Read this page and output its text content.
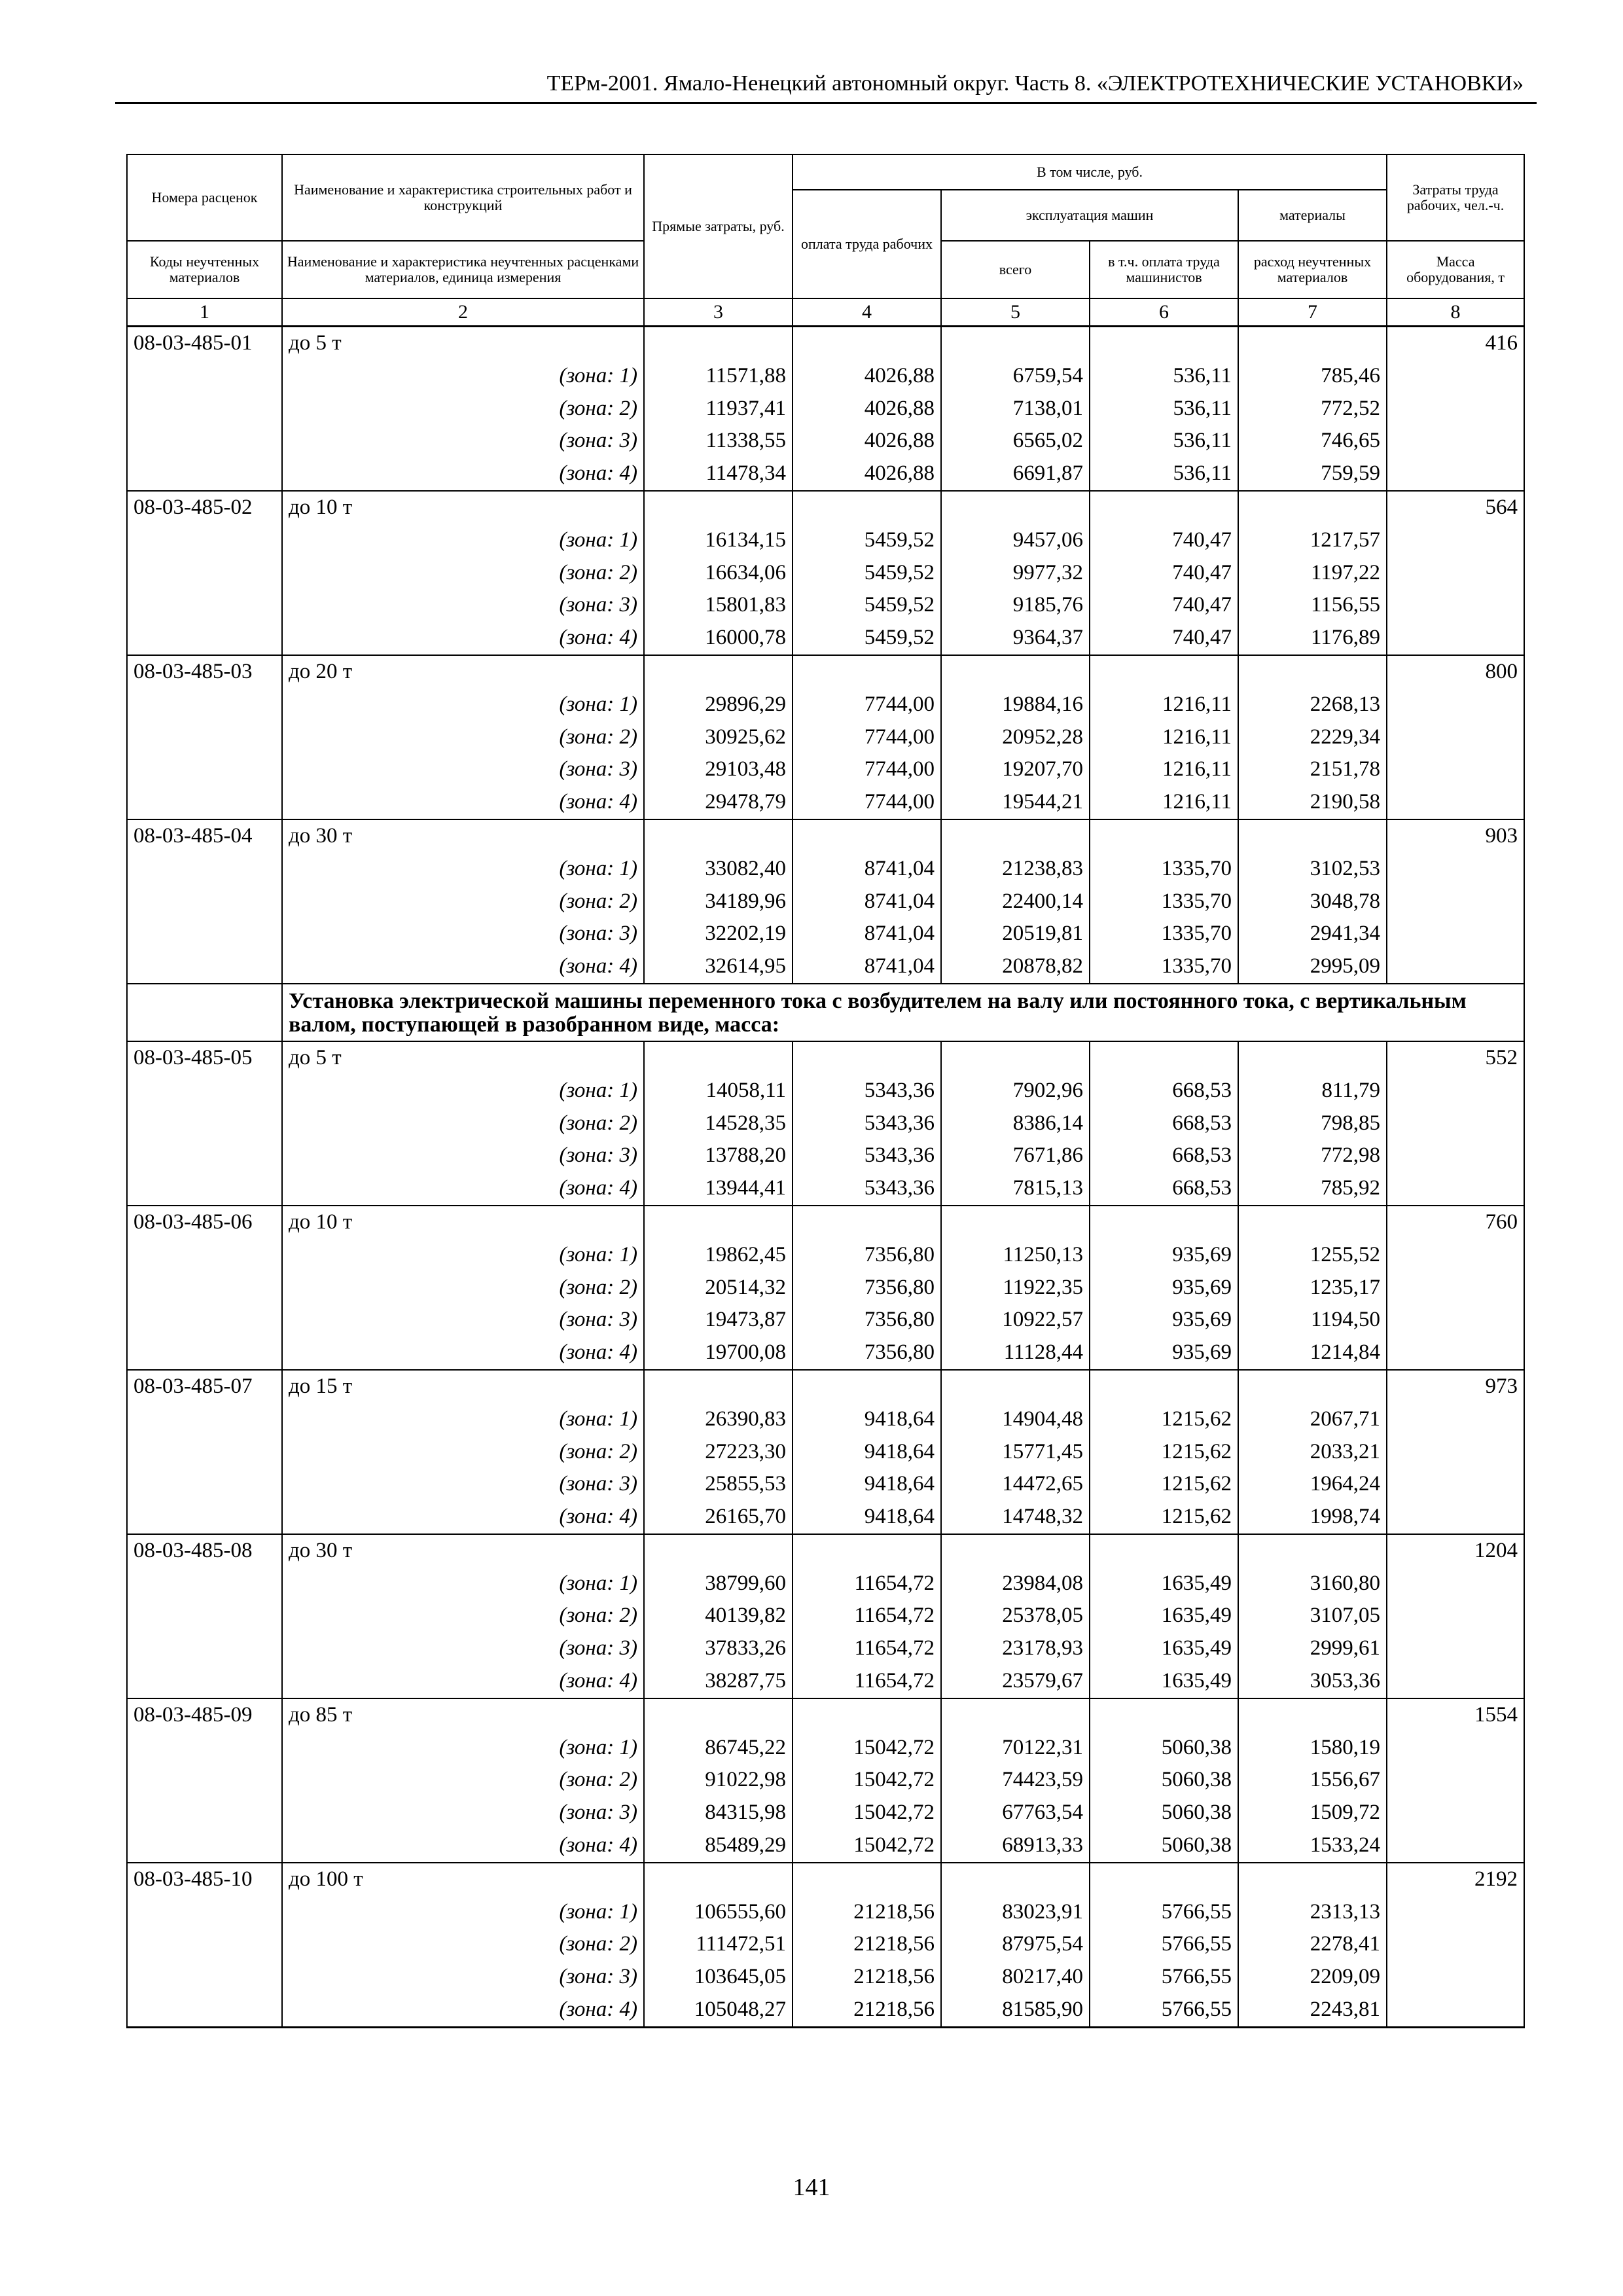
ТЕРм-2001. Ямало-Ненецкий автономный округ. Часть 8. «ЭЛЕКТРОТЕХНИЧЕСКИЕ УСТАНОВКИ»
Номера расценок	Наименование и характеристика строительных работ и конструкций	Прямые затраты, руб.	В том числе, руб.				Затраты труда рабочих, чел.-ч.
			оплата труда рабочих	эксплуатация машин		материалы	
Коды неучтенных материалов	Наименование и характеристика неучтенных расценками материалов, единица измерения			всего	в т.ч. оплата труда машинистов	расход неучтенных материалов	Масса оборудования, т
1	2	3	4	5	6	7	8
08-03-485-01	до 5 т						416
	(зона: 1)	11571,88	4026,88	6759,54	536,11	785,46	
	(зона: 2)	11937,41	4026,88	7138,01	536,11	772,52	
	(зона: 3)	11338,55	4026,88	6565,02	536,11	746,65	
	(зона: 4)	11478,34	4026,88	6691,87	536,11	759,59	
08-03-485-02	до 10 т						564
	(зона: 1)	16134,15	5459,52	9457,06	740,47	1217,57	
	(зона: 2)	16634,06	5459,52	9977,32	740,47	1197,22	
	(зона: 3)	15801,83	5459,52	9185,76	740,47	1156,55	
	(зона: 4)	16000,78	5459,52	9364,37	740,47	1176,89	
08-03-485-03	до 20 т						800
	(зона: 1)	29896,29	7744,00	19884,16	1216,11	2268,13	
	(зона: 2)	30925,62	7744,00	20952,28	1216,11	2229,34	
	(зона: 3)	29103,48	7744,00	19207,70	1216,11	2151,78	
	(зона: 4)	29478,79	7744,00	19544,21	1216,11	2190,58	
08-03-485-04	до 30 т						903
	(зона: 1)	33082,40	8741,04	21238,83	1335,70	3102,53	
	(зона: 2)	34189,96	8741,04	22400,14	1335,70	3048,78	
	(зона: 3)	32202,19	8741,04	20519,81	1335,70	2941,34	
	(зона: 4)	32614,95	8741,04	20878,82	1335,70	2995,09	
	Установка электрической машины переменного тока с возбудителем на валу или постоянного тока, с вертикальным валом, поступающей в разобранном виде, масса:						
08-03-485-05	до 5 т						552
	(зона: 1)	14058,11	5343,36	7902,96	668,53	811,79	
	(зона: 2)	14528,35	5343,36	8386,14	668,53	798,85	
	(зона: 3)	13788,20	5343,36	7671,86	668,53	772,98	
	(зона: 4)	13944,41	5343,36	7815,13	668,53	785,92	
08-03-485-06	до 10 т						760
	(зона: 1)	19862,45	7356,80	11250,13	935,69	1255,52	
	(зона: 2)	20514,32	7356,80	11922,35	935,69	1235,17	
	(зона: 3)	19473,87	7356,80	10922,57	935,69	1194,50	
	(зона: 4)	19700,08	7356,80	11128,44	935,69	1214,84	
08-03-485-07	до 15 т						973
	(зона: 1)	26390,83	9418,64	14904,48	1215,62	2067,71	
	(зона: 2)	27223,30	9418,64	15771,45	1215,62	2033,21	
	(зона: 3)	25855,53	9418,64	14472,65	1215,62	1964,24	
	(зона: 4)	26165,70	9418,64	14748,32	1215,62	1998,74	
08-03-485-08	до 30 т						1204
	(зона: 1)	38799,60	11654,72	23984,08	1635,49	3160,80	
	(зона: 2)	40139,82	11654,72	25378,05	1635,49	3107,05	
	(зона: 3)	37833,26	11654,72	23178,93	1635,49	2999,61	
	(зона: 4)	38287,75	11654,72	23579,67	1635,49	3053,36	
08-03-485-09	до 85 т						1554
	(зона: 1)	86745,22	15042,72	70122,31	5060,38	1580,19	
	(зона: 2)	91022,98	15042,72	74423,59	5060,38	1556,67	
	(зона: 3)	84315,98	15042,72	67763,54	5060,38	1509,72	
	(зона: 4)	85489,29	15042,72	68913,33	5060,38	1533,24	
08-03-485-10	до 100 т						2192
	(зона: 1)	106555,60	21218,56	83023,91	5766,55	2313,13	
	(зона: 2)	111472,51	21218,56	87975,54	5766,55	2278,41	
	(зона: 3)	103645,05	21218,56	80217,40	5766,55	2209,09	
	(зона: 4)	105048,27	21218,56	81585,90	5766,55	2243,81	
141
